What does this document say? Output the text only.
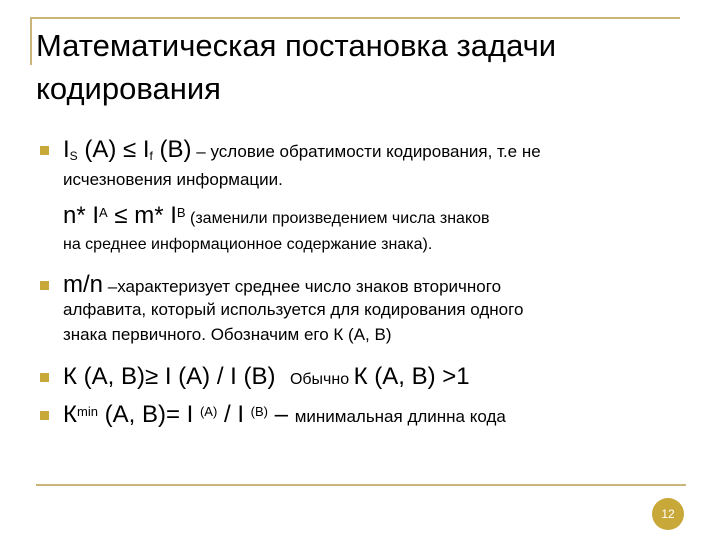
Математическая постановка задачи
кодирования
$I_S$ $(А) \le I_f$ (В) – условие обратимости кодирования, т.е не
исчезновения информации.
n* $I^A \le m*$ $I^B$ (заменили произведением числа знаков
на среднее информационное содержание знака).
m/n –характеризует среднее число знаков вторичного
алфавита, который используется для кодирования одного
знака первичного. Обозначим его К (А, В)
К (А, В)≥ I (A) / I (B) Обычно К (А, В) >1
$К^{min}$ (А, В)= I $^{(A)}$ / I $^{(B)}$ – минимальная длинна кода
12
